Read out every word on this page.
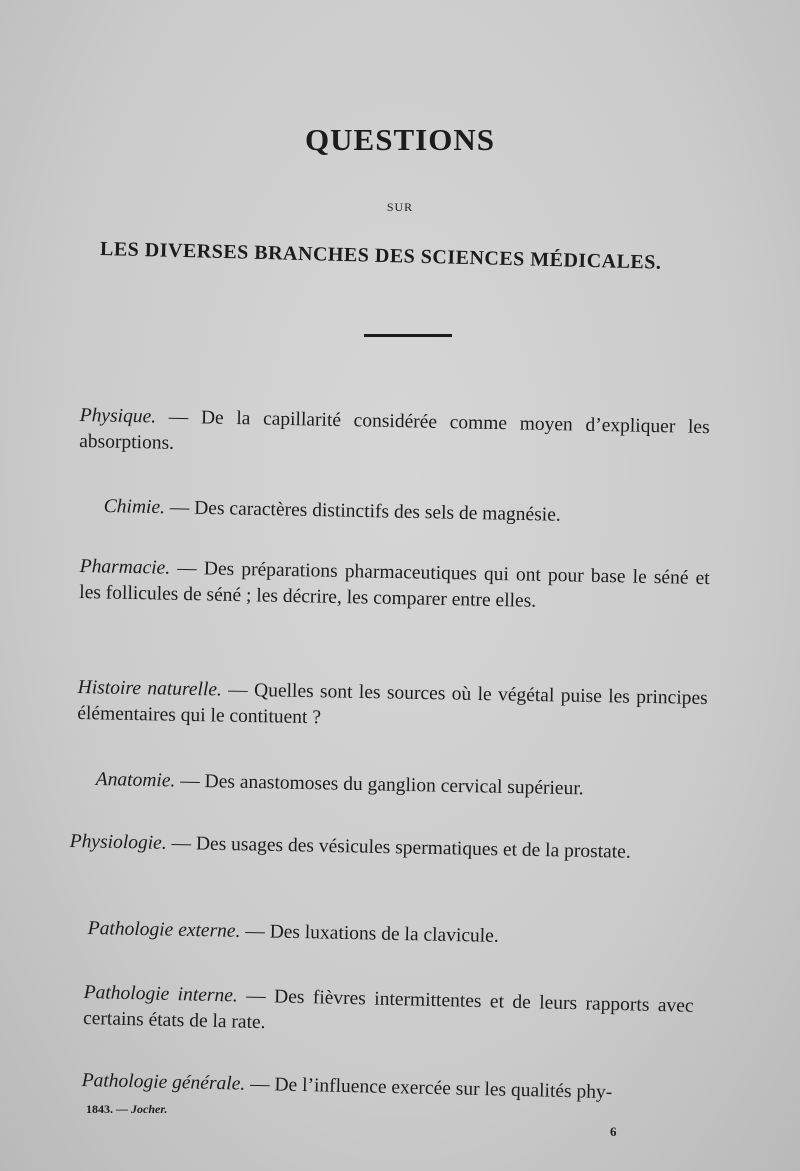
QUESTIONS
SUR
LES DIVERSES BRANCHES DES SCIENCES MÉDICALES.

Physique. — De la capillarité considérée comme moyen d’expliquer les absorptions.

Chimie. — Des caractères distinctifs des sels de magnésie.

Pharmacie. — Des préparations pharmaceutiques qui ont pour base le séné et les follicules de séné ; les décrire, les comparer entre elles.

Histoire naturelle. — Quelles sont les sources où le végétal puise les principes élémentaires qui le contituent ?

Anatomie. — Des anastomoses du ganglion cervical supérieur.

Physiologie. — Des usages des vésicules spermatiques et de la prostate.

Pathologie externe. — Des luxations de la clavicule.

Pathologie interne. — Des fièvres intermittentes et de leurs rapports avec certains états de la rate.

Pathologie générale. — De l’influence exercée sur les qualités phy-

1843. — Jocher.
6
